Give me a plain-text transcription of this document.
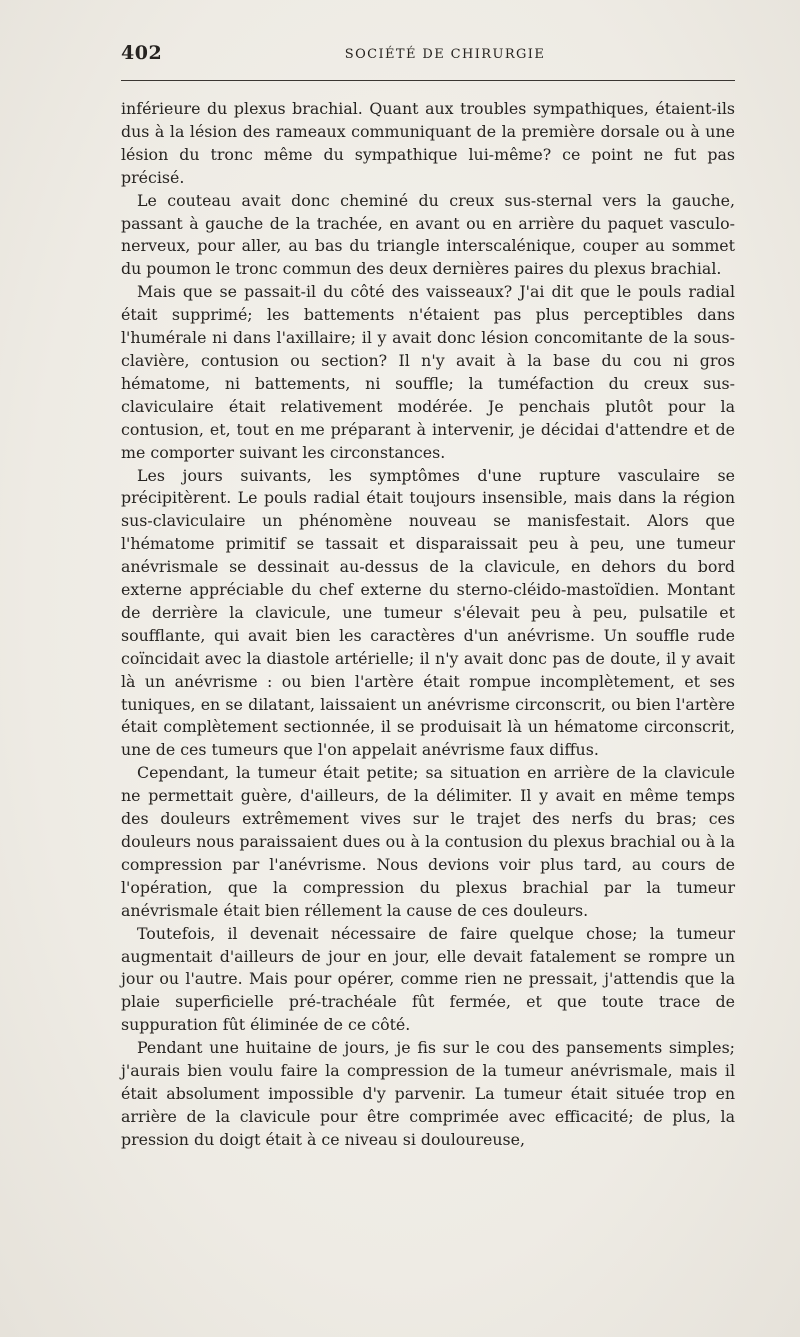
402	SOCIÉTÉ DE CHIRURGIE

inférieure du plexus brachial. Quant aux troubles sympathiques, étaient-ils dus à la lésion des rameaux communiquant de la première dorsale ou à une lésion du tronc même du sympathique lui-même? ce point ne fut pas précisé.

Le couteau avait donc cheminé du creux sus-sternal vers la gauche, passant à gauche de la trachée, en avant ou en arrière du paquet vasculo-nerveux, pour aller, au bas du triangle interscalénique, couper au sommet du poumon le tronc commun des deux dernières paires du plexus brachial.

Mais que se passait-il du côté des vaisseaux? J'ai dit que le pouls radial était supprimé; les battements n'étaient pas plus perceptibles dans l'humérale ni dans l'axillaire; il y avait donc lésion concomitante de la sous-clavière, contusion ou section? Il n'y avait à la base du cou ni gros hématome, ni battements, ni souffle; la tuméfaction du creux sus-claviculaire était relativement modérée. Je penchais plutôt pour la contusion, et, tout en me préparant à intervenir, je décidai d'attendre et de me comporter suivant les circonstances.

Les jours suivants, les symptômes d'une rupture vasculaire se précipitèrent. Le pouls radial était toujours insensible, mais dans la région sus-claviculaire un phénomène nouveau se manisfestait. Alors que l'hématome primitif se tassait et disparaissait peu à peu, une tumeur anévrismale se dessinait au-dessus de la clavicule, en dehors du bord externe appréciable du chef externe du sterno-cléido-mastoïdien. Montant de derrière la clavicule, une tumeur s'élevait peu à peu, pulsatile et soufflante, qui avait bien les caractères d'un anévrisme. Un souffle rude coïncidait avec la diastole artérielle; il n'y avait donc pas de doute, il y avait là un anévrisme : ou bien l'artère était rompue incomplètement, et ses tuniques, en se dilatant, laissaient un anévrisme circonscrit, ou bien l'artère était complètement sectionnée, il se produisait là un hématome circonscrit, une de ces tumeurs que l'on appelait anévrisme faux diffus.

Cependant, la tumeur était petite; sa situation en arrière de la clavicule ne permettait guère, d'ailleurs, de la délimiter. Il y avait en même temps des douleurs extrêmement vives sur le trajet des nerfs du bras; ces douleurs nous paraissaient dues ou à la contusion du plexus brachial ou à la compression par l'anévrisme. Nous devions voir plus tard, au cours de l'opération, que la compression du plexus brachial par la tumeur anévrismale était bien réllement la cause de ces douleurs.

Toutefois, il devenait nécessaire de faire quelque chose; la tumeur augmentait d'ailleurs de jour en jour, elle devait fatalement se rompre un jour ou l'autre. Mais pour opérer, comme rien ne pressait, j'attendis que la plaie superficielle pré-trachéale fût fermée, et que toute trace de suppuration fût éliminée de ce côté.

Pendant une huitaine de jours, je fis sur le cou des pansements simples; j'aurais bien voulu faire la compression de la tumeur anévrismale, mais il était absolument impossible d'y parvenir. La tumeur était située trop en arrière de la clavicule pour être comprimée avec efficacité; de plus, la pression du doigt était à ce niveau si douloureuse,
